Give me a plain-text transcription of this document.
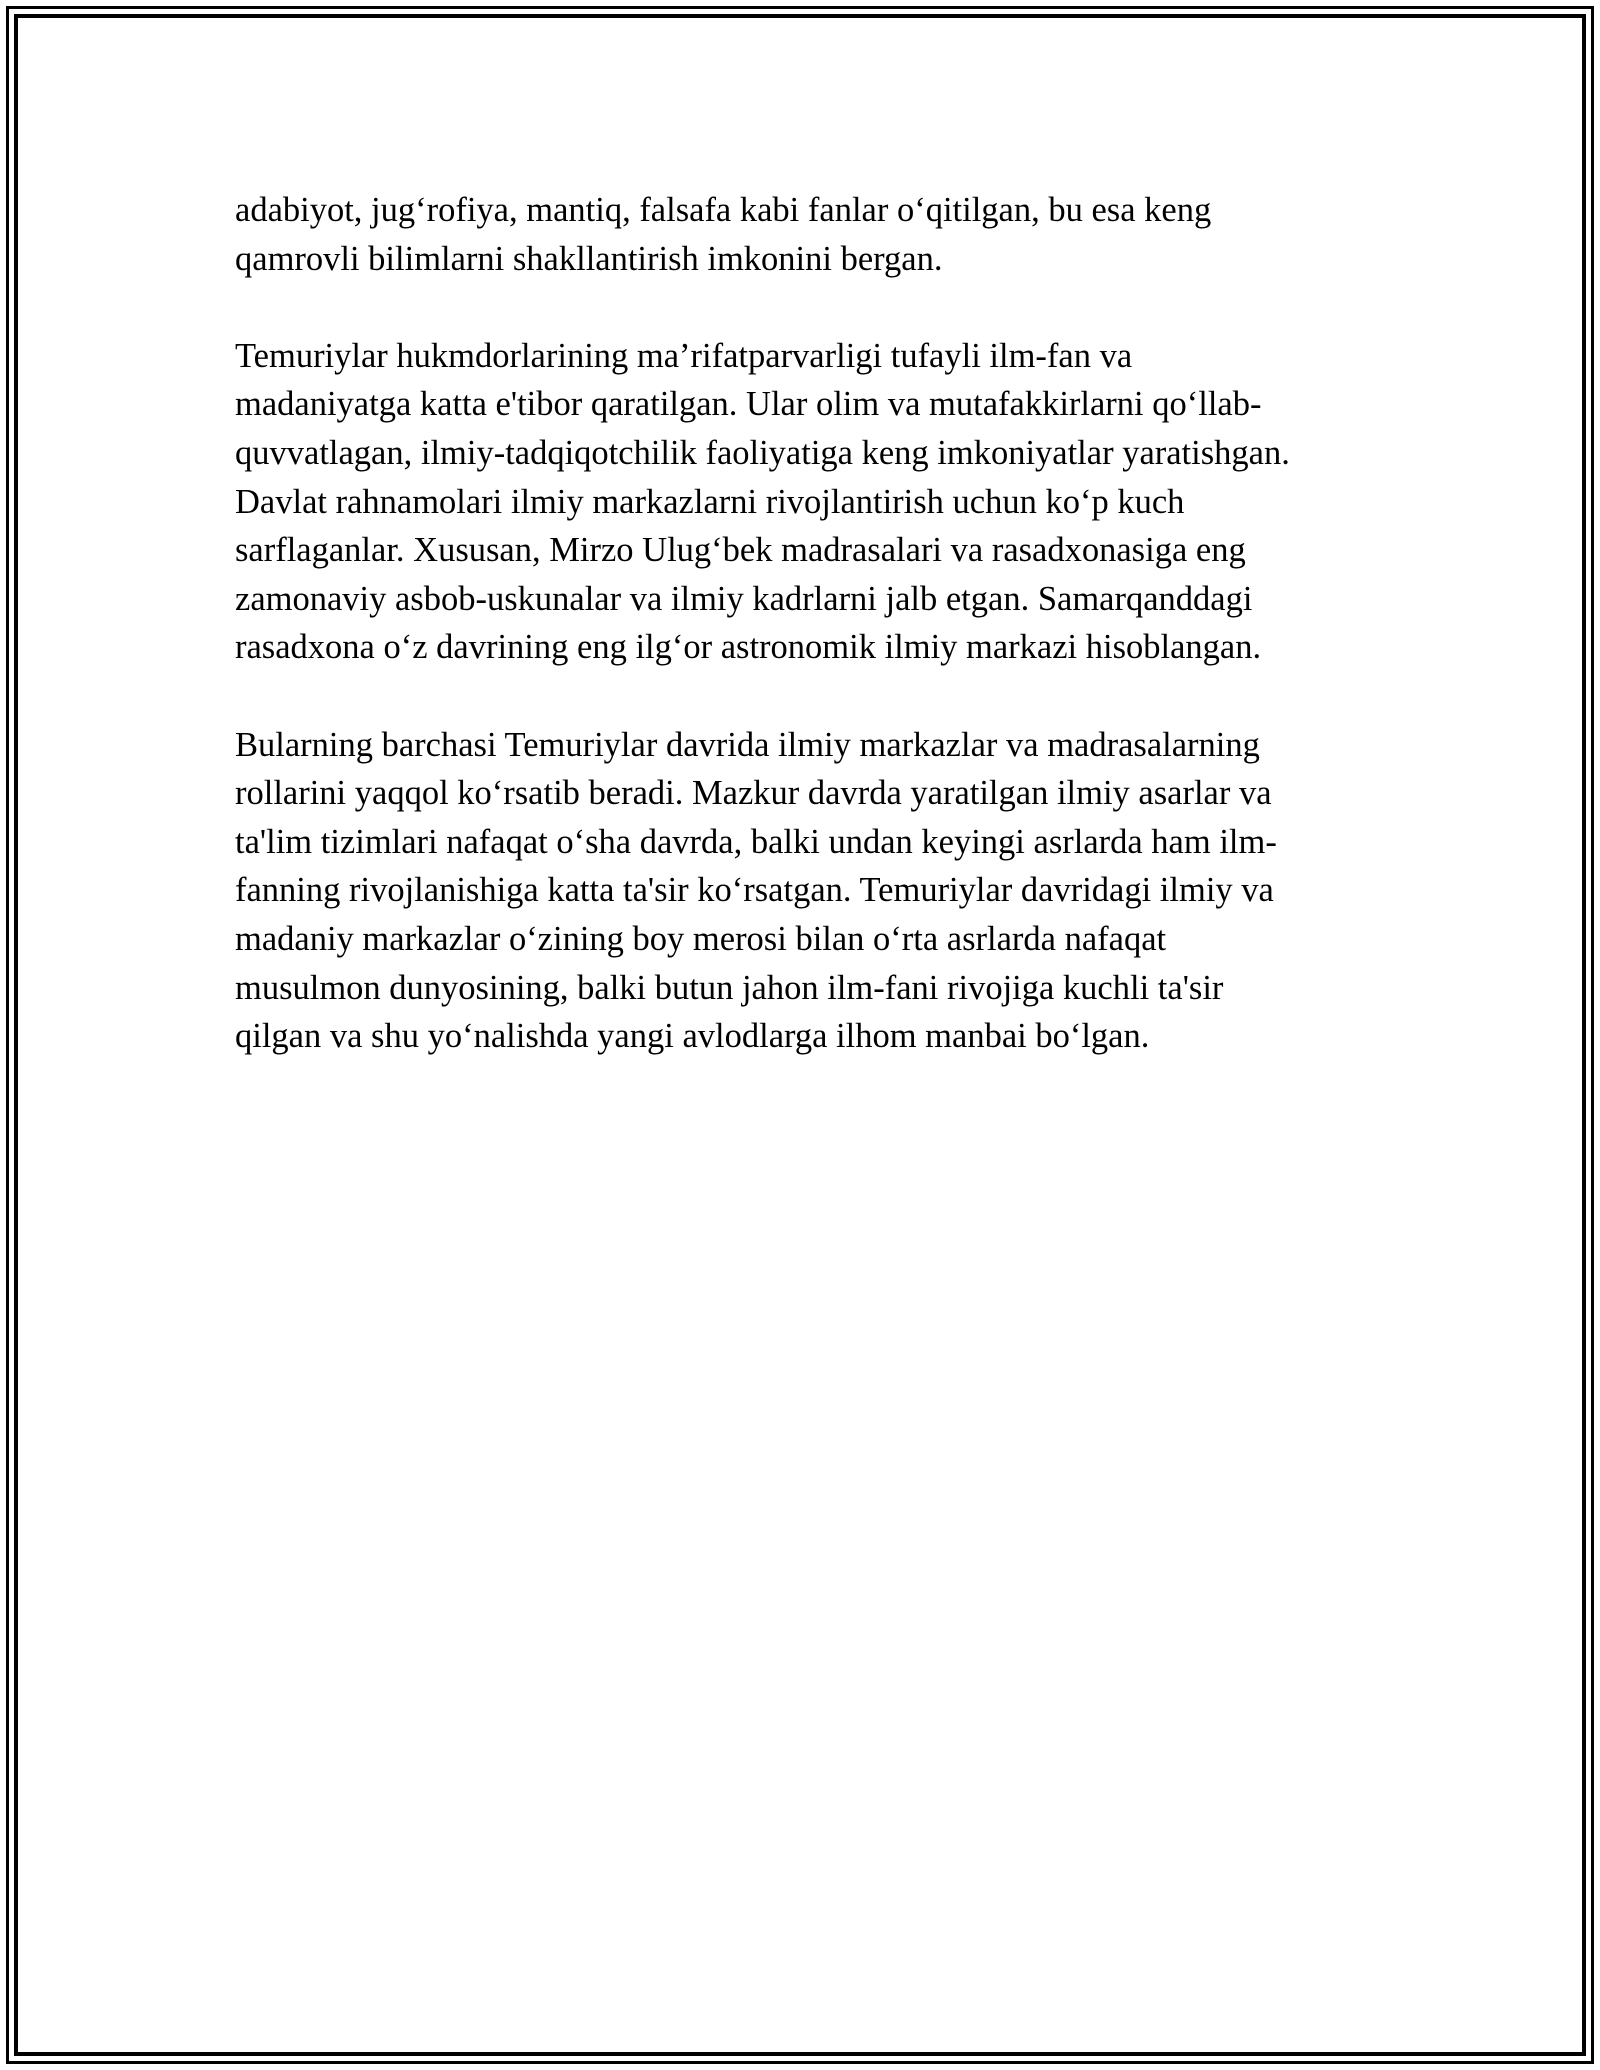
adabiyot, jug‘rofiya, mantiq, falsafa kabi fanlar o‘qitilgan, bu esa keng
qamrovli bilimlarni shakllantirish imkonini bergan.

Temuriylar hukmdorlarining ma’rifatparvarligi tufayli ilm-fan va
madaniyatga katta e'tibor qaratilgan. Ular olim va mutafakkirlarni qo‘llab-
quvvatlagan, ilmiy-tadqiqotchilik faoliyatiga keng imkoniyatlar yaratishgan.
Davlat rahnamolari ilmiy markazlarni rivojlantirish uchun ko‘p kuch
sarflaganlar. Xususan, Mirzo Ulug‘bek madrasalari va rasadxonasiga eng
zamonaviy asbob-uskunalar va ilmiy kadrlarni jalb etgan. Samarqanddagi
rasadxona o‘z davrining eng ilg‘or astronomik ilmiy markazi hisoblangan.

Bularning barchasi Temuriylar davrida ilmiy markazlar va madrasalarning
rollarini yaqqol ko‘rsatib beradi. Mazkur davrda yaratilgan ilmiy asarlar va
ta'lim tizimlari nafaqat o‘sha davrda, balki undan keyingi asrlarda ham ilm-
fanning rivojlanishiga katta ta'sir ko‘rsatgan. Temuriylar davridagi ilmiy va
madaniy markazlar o‘zining boy merosi bilan o‘rta asrlarda nafaqat
musulmon dunyosining, balki butun jahon ilm-fani rivojiga kuchli ta'sir
qilgan va shu yo‘nalishda yangi avlodlarga ilhom manbai bo‘lgan.
